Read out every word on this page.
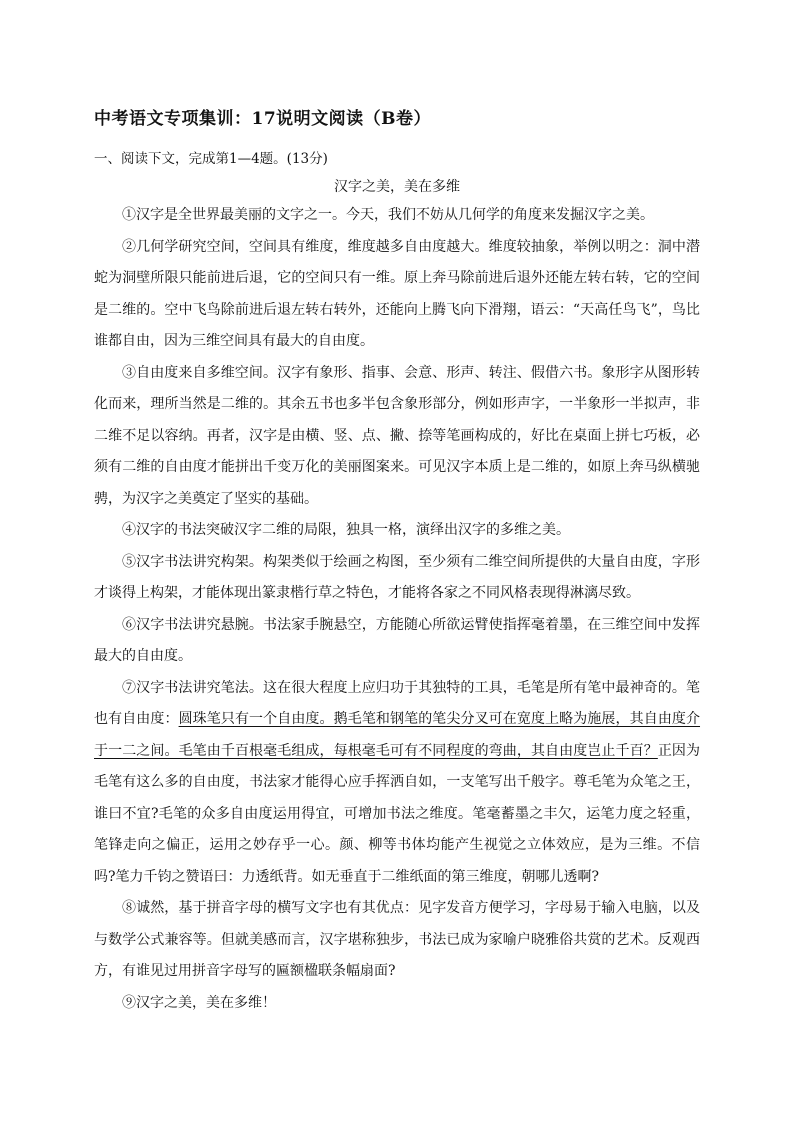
中考语文专项集训：17说明文阅读（B卷）
一、阅读下文，完成第1—4题。(13分)
汉字之美，美在多维

①汉字是全世界最美丽的文字之一。今天，我们不妨从几何学的角度来发掘汉字之美。

②几何学研究空间，空间具有维度，维度越多自由度越大。维度较抽象，举例以明之：洞中潜蛇为洞壁所限只能前进后退，它的空间只有一维。原上奔马除前进后退外还能左转右转，它的空间是二维的。空中飞鸟除前进后退左转右转外，还能向上腾飞向下滑翔，语云：“天高任鸟飞”，鸟比谁都自由，因为三维空间具有最大的自由度。

③自由度来自多维空间。汉字有象形、指事、会意、形声、转注、假借六书。象形字从图形转化而来，理所当然是二维的。其余五书也多半包含象形部分，例如形声字，一半象形一半拟声，非二维不足以容纳。再者，汉字是由横、竖、点、撇、捺等笔画构成的，好比在桌面上拼七巧板，必须有二维的自由度才能拼出千变万化的美丽图案来。可见汉字本质上是二维的，如原上奔马纵横驰骋，为汉字之美奠定了坚实的基础。

④汉字的书法突破汉字二维的局限，独具一格，演绎出汉字的多维之美。

⑤汉字书法讲究构架。构架类似于绘画之构图，至少须有二维空间所提供的大量自由度，字形才谈得上构架，才能体现出篆隶楷行草之特色，才能将各家之不同风格表现得淋漓尽致。

⑥汉字书法讲究悬腕。书法家手腕悬空，方能随心所欲运臂使指挥毫着墨，在三维空间中发挥最大的自由度。

⑦汉字书法讲究笔法。这在很大程度上应归功于其独特的工具，毛笔是所有笔中最神奇的。笔也有自由度：圆珠笔只有一个自由度。鹅毛笔和钢笔的笔尖分叉可在宽度上略为施展，其自由度介于一二之间。毛笔由千百根毫毛组成，每根毫毛可有不同程度的弯曲，其自由度岂止千百？正因为毛笔有这么多的自由度，书法家才能得心应手挥洒自如，一支笔写出千般字。尊毛笔为众笔之王，谁曰不宜?毛笔的众多自由度运用得宜，可增加书法之维度。笔毫蓄墨之丰欠，运笔力度之轻重，笔锋走向之偏正，运用之妙存乎一心。颜、柳等书体均能产生视觉之立体效应，是为三维。不信吗?笔力千钧之赞语曰：力透纸背。如无垂直于二维纸面的第三维度，朝哪儿透啊?

⑧诚然，基于拼音字母的横写文字也有其优点：见字发音方便学习，字母易于输入电脑，以及与数学公式兼容等。但就美感而言，汉字堪称独步，书法已成为家喻户晓雅俗共赏的艺术。反观西方，有谁见过用拼音字母写的匾额楹联条幅扇面?

⑨汉字之美，美在多维！
